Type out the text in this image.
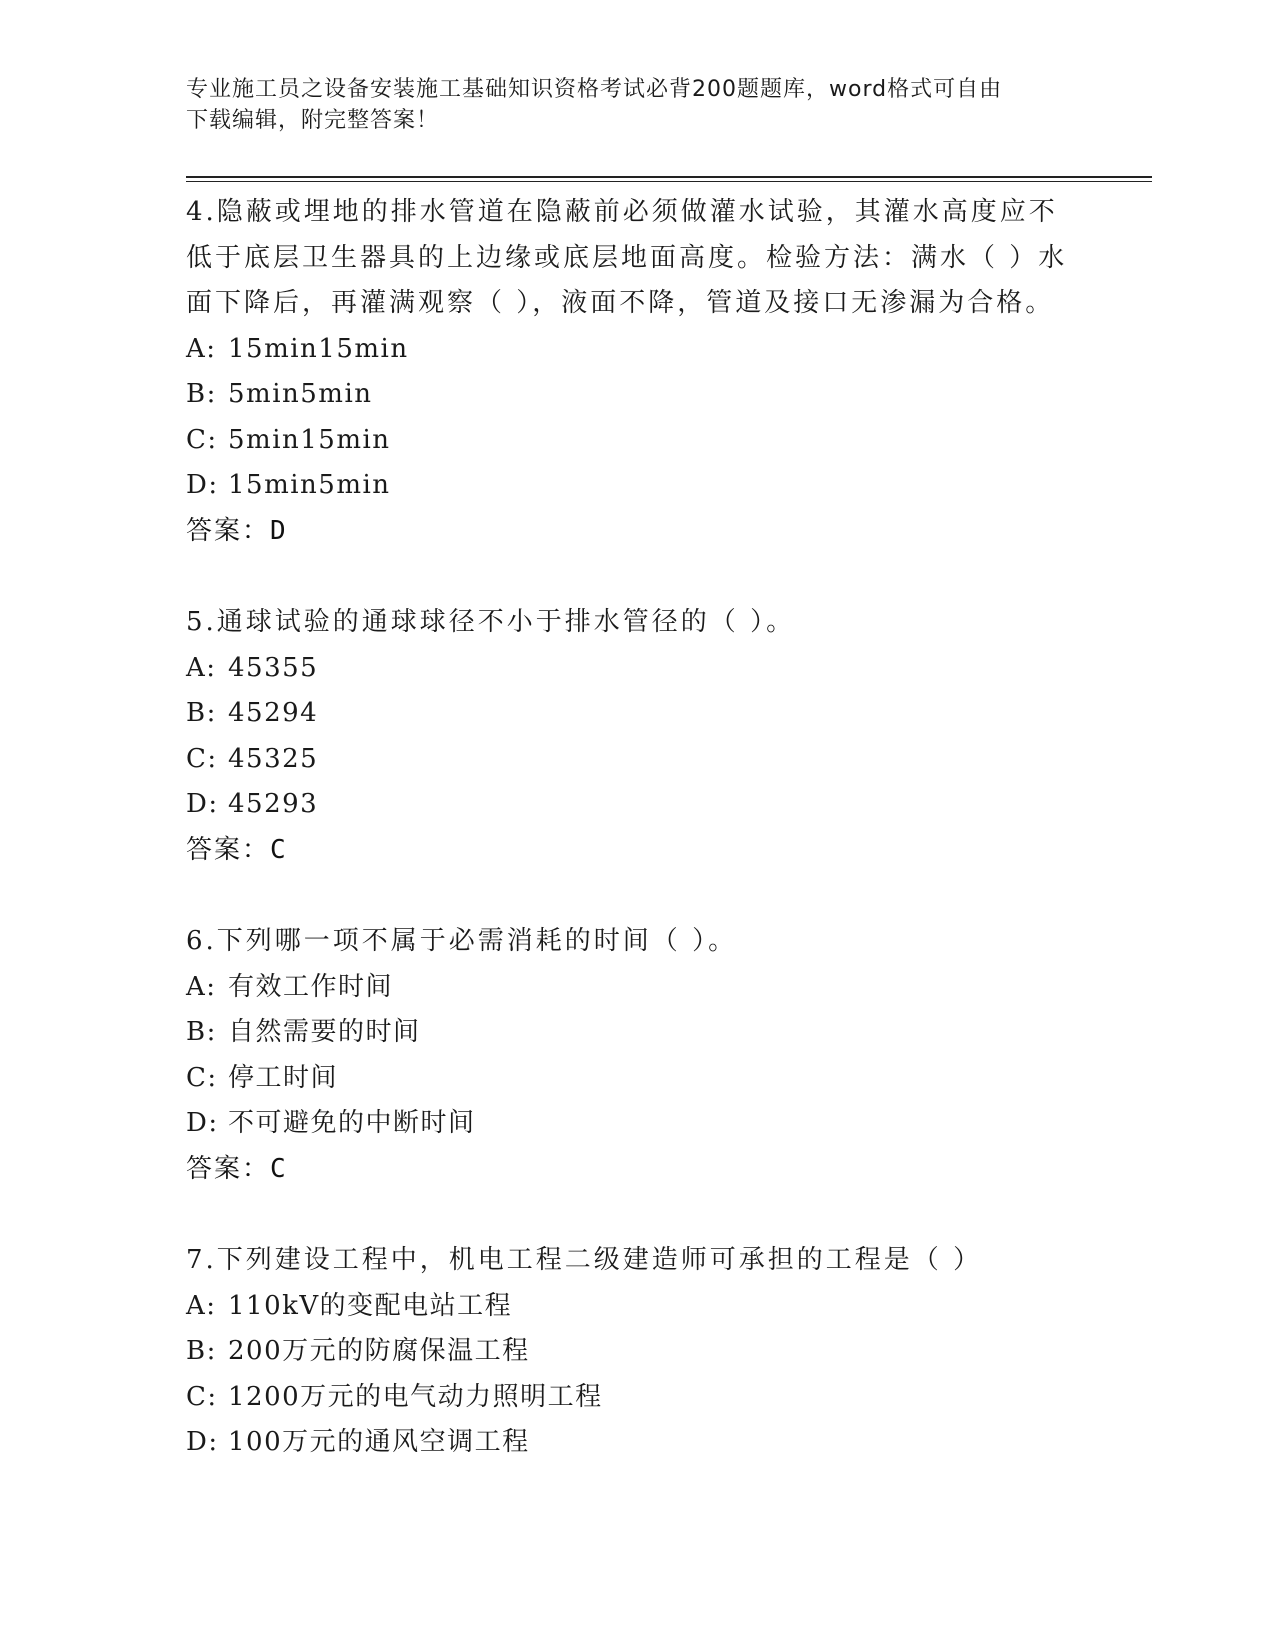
专业施工员之设备安装施工基础知识资格考试必背200题题库，word格式可自由
下载编辑，附完整答案！

4.隐蔽或埋地的排水管道在隐蔽前必须做灌水试验，其灌水高度应不低于底层卫生器具的上边缘或底层地面高度。检验方法：满水（ ）水面下降后，再灌满观察（ ），液面不降，管道及接口无渗漏为合格。

A: 15min15min

B: 5min5min

C: 5min15min

D: 15min5min

答案：D

5.通球试验的通球球径不小于排水管径的（ ）。

A: 45355

B: 45294

C: 45325

D: 45293

答案：C

6.下列哪一项不属于必需消耗的时间（ ）。

A: 有效工作时间

B: 自然需要的时间

C: 停工时间

D: 不可避免的中断时间

答案：C

7.下列建设工程中，机电工程二级建造师可承担的工程是（ ）

A: 110kV的变配电站工程

B: 200万元的防腐保温工程

C: 1200万元的电气动力照明工程

D: 100万元的通风空调工程
